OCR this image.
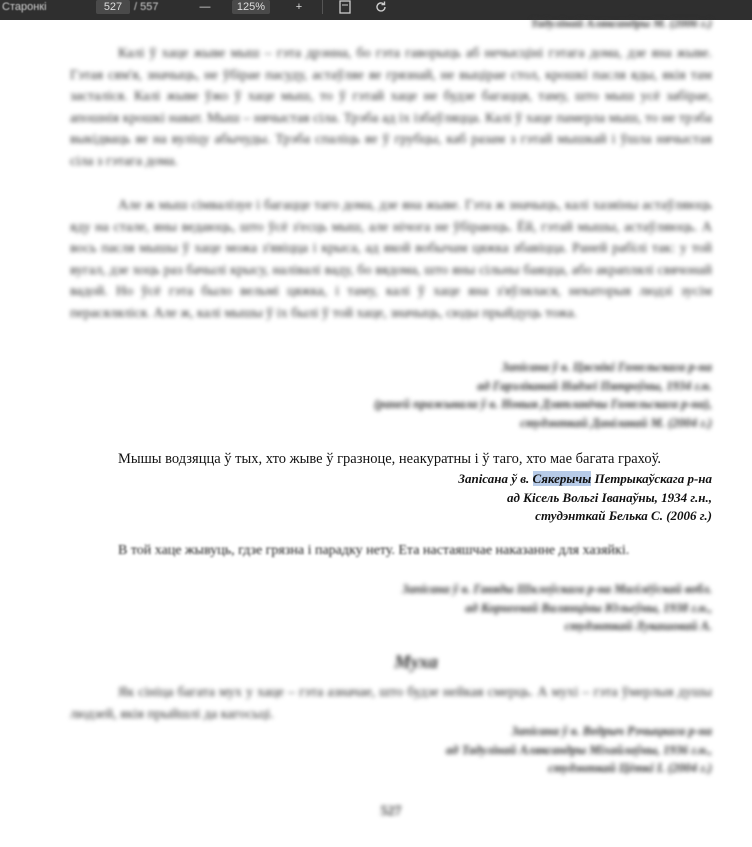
Старонкі	527	/ 557	—	125%	+
Тадулінай Аляксандры М. (2006 г.)

Калі ў хаце жыве мыш – гэта дрэнна, бо гэта гаворыць аб нечысціні гэтага дома, дзе яна жыве. Гэтая сям'я, значыць, не ўбірае пасуду, астаўляе яе грязнай, не выцірае стол, крошкі пасля яды, якія там засталіся. Калі жыве ўжо ў хаце мыш, то ў гэтай хаце не будзе багацця, таму, што мыш усё забірае, апошнія крошкі нават. Мыш – нячыстая сіла. Трэба ад іх ізбаўляцца. Калі ў хаце памерла мыш, то не трэба выкідваць яе на вуліцу абычуды. Трэба спаліць яе ў грубцы, каб разам з гэтай мышкай і ўшла нячыстая сіла з гэтага дома.

Але ж мыш сімвалізуе і багацце таго дома, дзе яна жыве. Гэта ж значыць, калі хазяіны астаўляюць яду на стале, яны ведаюць, што ўсё з'есць мыш, але нічога не ўбіраюць. Ёй, гэтай мышы, астаўляюць. А вось пасля мышы ў хаце можа з'явіцца і крыса, ад якой вобычам цяжка збавіцца. Раней рабілі так: у той вугал, дзе хоць раз бачылі крысу, налівалі ваду, бо вядома, што яны сільны баяцца, або акраплялі свячонай вадой. Но ўсё гэта было вельмі цяжка, і таму, калі ў хаце яна з'яўлялася, некаторыя людзі зусім перасяляліся. Але ж, калі мышы ў іх былі ў той хаце, значыць, сюды прыйдуць тожа.

Запісана ў в. Цяснікі Гомельскага р-на
ад Гарэлікавай Надзеі Пятроўны, 1934 г.н.
(раней пражывала ў в. Новыя Дзятлавічы Гомельскага р-на),
студэнткай Данілавай М. (2004 г.)
Мышы водзяцца ў тых, хто жыве ў гразноце, неакуратны і ў таго, хто мае багата грахоў.
Запісана ў в. Сякерычы Петрыкаўскага р-на
ад Кісель Вольгі Іванаўны, 1934 г.н.,
студэнткай Белька С. (2006 г.)

В той хаце жывуць, гдзе грязна і парадку нету. Ета настаяшчае наказанне для хазяйкі.

Запісана ў в. Гавяды Шклоўскага р-на Магілёўскай вобл.
ад Корнеевай Валянціны Юльеўны, 1938 г.н.,
студэнткай Лукашовай А.
Муха

Як сініца багата мух у хаце – гэта азначае, што будзе нейкая смерць. А мухі – гэта ўмерлыя душы людзей, якія прыйшлі да кагосьці.

Запісана ў в. Ведрыч Рэчыцкага р-на
ад Тадулінай Аляксандры Міхайлаўны, 1936 г.н.,
студэнткай Цёткі І. (2004 г.)
527
